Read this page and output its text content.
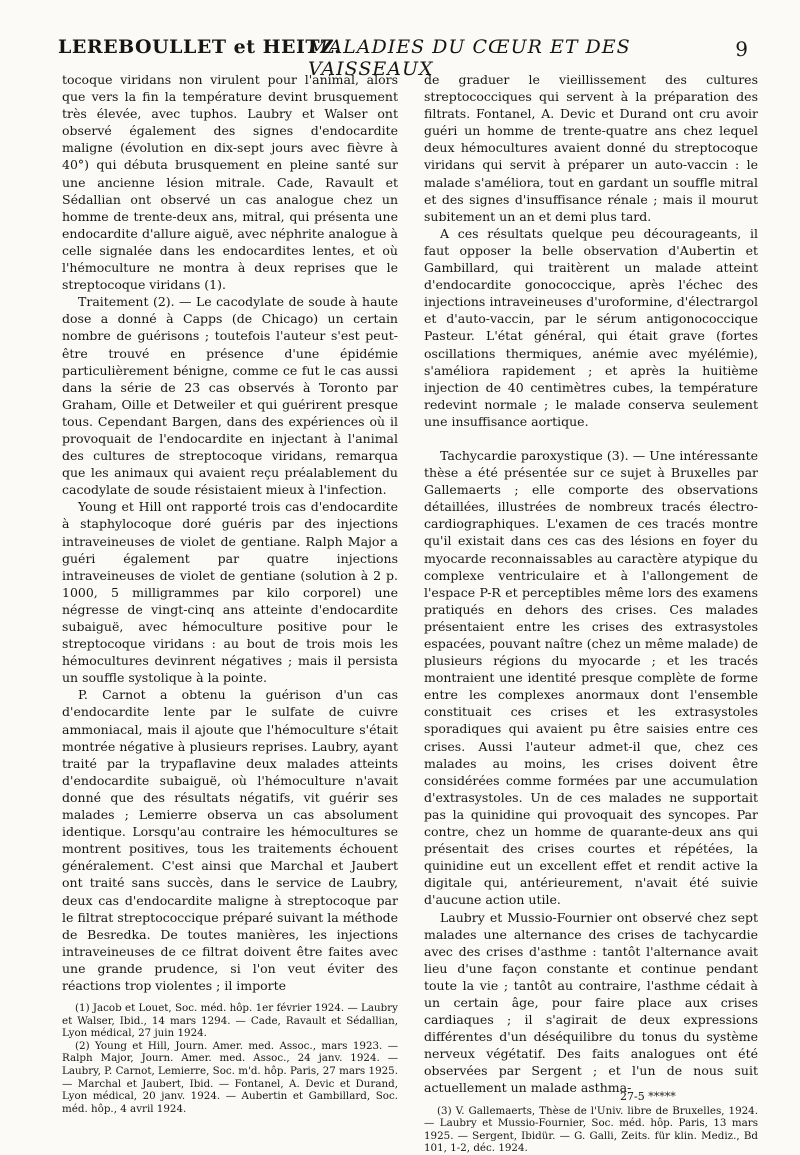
LEREBOULLET et HEITZ.
MALADIES DU CŒUR ET DES VAISSEAUX
9

tocoque viridans non virulent pour l'animal, alors que vers la fin la température devint brusquement très élevée, avec tuphos. Laubry et Walser ont observé également des signes d'endocardite maligne (évolution en dix-sept jours avec fièvre à 40°) qui débuta brusquement en pleine santé sur une ancienne lésion mitrale. Cade, Ravault et Sédallian ont observé un cas analogue chez un homme de trente-deux ans, mitral, qui présenta une endocardite d'allure aiguë, avec néphrite analogue à celle signalée dans les endocardites lentes, et où l'hémoculture ne montra à deux reprises que le streptocoque viridans (1).

Traitement (2). — Le cacodylate de soude à haute dose a donné à Capps (de Chicago) un certain nombre de guérisons ; toutefois l'auteur s'est peut-être trouvé en présence d'une épidémie particulièrement bénigne, comme ce fut le cas aussi dans la série de 23 cas observés à Toronto par Graham, Oille et Detweiler et qui guérirent presque tous. Cependant Bargen, dans des expériences où il provoquait de l'endocardite en injectant à l'animal des cultures de streptocoque viridans, remarqua que les animaux qui avaient reçu préalablement du cacodylate de soude résistaient mieux à l'infection.

Young et Hill ont rapporté trois cas d'endocardite à staphylocoque doré guéris par des injections intraveineuses de violet de gentiane. Ralph Major a guéri également par quatre injections intraveineuses de violet de gentiane (solution à 2 p. 1000, 5 milligrammes par kilo corporel) une négresse de vingt-cinq ans atteinte d'endocardite subaiguë, avec hémoculture positive pour le streptocoque viridans : au bout de trois mois les hémocultures devinrent négatives ; mais il persista un souffle systolique à la pointe.

P. Carnot a obtenu la guérison d'un cas d'endocardite lente par le sulfate de cuivre ammoniacal, mais il ajoute que l'hémoculture s'était montrée négative à plusieurs reprises. Laubry, ayant traité par la trypaflavine deux malades atteints d'endocardite subaiguë, où l'hémoculture n'avait donné que des résultats négatifs, vit guérir ses malades ; Lemierre observa un cas absolument identique. Lorsqu'au contraire les hémocultures se montrent positives, tous les traitements échouent généralement. C'est ainsi que Marchal et Jaubert ont traité sans succès, dans le service de Laubry, deux cas d'endocardite maligne à streptocoque par le filtrat streptococcique préparé suivant la méthode de Besredka. De toutes manières, les injections intraveineuses de ce filtrat doivent être faites avec une grande prudence, si l'on veut éviter des réactions trop violentes ; il importe

(1) Jacob et Louet, Soc. méd. hôp. 1er février 1924. — Laubry et Walser, Ibid., 14 mars 1294. — Cade, Ravault et Sédallian, Lyon médical, 27 juin 1924.

(2) Young et Hill, Journ. Amer. med. Assoc., mars 1923. — Ralph Major, Journ. Amer. med. Assoc., 24 janv. 1924. — Laubry, P. Carnot, Lemierre, Soc. m'd. hôp. Paris, 27 mars 1925. — Marchal et Jaubert, Ibid. — Fontanel, A. Devic et Durand, Lyon médical, 20 janv. 1924. — Aubertin et Gambillard, Soc. méd. hôp., 4 avril 1924.

de graduer le vieillissement des cultures streptococciques qui servent à la préparation des filtrats. Fontanel, A. Devic et Durand ont cru avoir guéri un homme de trente-quatre ans chez lequel deux hémocultures avaient donné du streptocoque viridans qui servit à préparer un auto-vaccin : le malade s'améliora, tout en gardant un souffle mitral et des signes d'insuffisance rénale ; mais il mourut subitement un an et demi plus tard.

A ces résultats quelque peu décourageants, il faut opposer la belle observation d'Aubertin et Gambillard, qui traitèrent un malade atteint d'endocardite gonococcique, après l'échec des injections intraveineuses d'uroformine, d'électrargol et d'auto-vaccin, par le sérum antigonococcique Pasteur. L'état général, qui était grave (fortes oscillations thermiques, anémie avec myélémie), s'améliora rapidement ; et après la huitième injection de 40 centimètres cubes, la température redevint normale ; le malade conserva seulement une insuffisance aortique.

Tachycardie paroxystique (3). — Une intéressante thèse a été présentée sur ce sujet à Bruxelles par Gallemaerts ; elle comporte des observations détaillées, illustrées de nombreux tracés électro-cardiographiques. L'examen de ces tracés montre qu'il existait dans ces cas des lésions en foyer du myocarde reconnaissables au caractère atypique du complexe ventriculaire et à l'allongement de l'espace P-R et perceptibles même lors des examens pratiqués en dehors des crises. Ces malades présentaient entre les crises des extrasystoles espacées, pouvant naître (chez un même malade) de plusieurs régions du myocarde ; et les tracés montraient une identité presque complète de forme entre les complexes anormaux dont l'ensemble constituait ces crises et les extrasystoles sporadiques qui avaient pu être saisies entre ces crises. Aussi l'auteur admet-il que, chez ces malades au moins, les crises doivent être considérées comme formées par une accumulation d'extrasystoles. Un de ces malades ne supportait pas la quinidine qui provoquait des syncopes. Par contre, chez un homme de quarante-deux ans qui présentait des crises courtes et répétées, la quinidine eut un excellent effet et rendit active la digitale qui, antérieurement, n'avait été suivie d'aucune action utile.

Laubry et Mussio-Fournier ont observé chez sept malades une alternance des crises de tachycardie avec des crises d'asthme : tantôt l'alternance avait lieu d'une façon constante et continue pendant toute la vie ; tantôt au contraire, l'asthme cédait à un certain âge, pour faire place aux crises cardiaques ; il s'agirait de deux expressions différentes d'un déséquilibre du tonus du système nerveux végétatif. Des faits analogues ont été observées par Sergent ; et l'un de nous suit actuellement un malade asthma-

(3) V. Gallemaerts, Thèse de l'Univ. libre de Bruxelles, 1924. — Laubry et Mussio-Fournier, Soc. méd. hôp. Paris, 13 mars 1925. — Sergent, Ibidür. — G. Galli, Zeits. für klin. Mediz., Bd 101, 1-2, déc. 1924.

27-5 *****
